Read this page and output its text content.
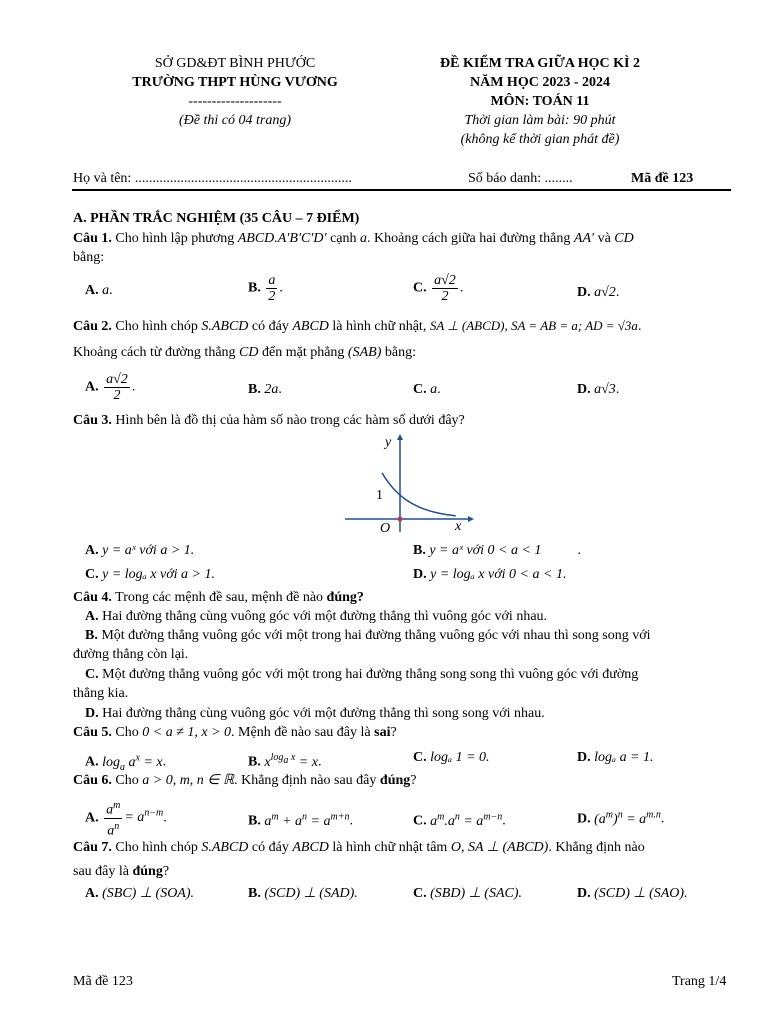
SỞ GD&ĐT BÌNH PHƯỚC
TRƯỜNG THPT HÙNG VƯƠNG
--------------------
(Đề thi có 04 trang)
ĐỀ KIỂM TRA GIỮA HỌC KÌ 2
NĂM HỌC 2023 - 2024
MÔN: TOÁN 11
Thời gian làm bài: 90 phút
(không kể thời gian phát đề)
Họ và tên: ..............................................................	Số báo danh: ........	Mã đề 123
A. PHẦN TRẮC NGHIỆM (35 CÂU – 7 ĐIỂM)
Câu 1. Cho hình lập phương ABCD.A′B′C′D′ cạnh a. Khoảng cách giữa hai đường thẳng AA′ và CD
bằng:
A. a.	B. $\frac{a}{2}$ .	C. $\frac{a√2}{2}$ .	D. a√2.
Câu 2. Cho hình chóp S.ABCD có đáy ABCD là hình chữ nhật, SA ⊥ (ABCD), SA = AB = a; AD = √3a.
Khoảng cách từ đường thẳng CD đến mặt phẳng (SAB) bằng:
A. $\frac{a√2}{2}$ .	B. 2a.	C. a.	D. a√3.
Câu 3. Hình bên là đồ thị của hàm số nào trong các hàm số dưới đây?
y
x
O
1
A. y = aˣ với a > 1.	B. y = aˣ với 0 < a < 1	.
C. y = logₐ x với a > 1.	D. y = logₐ x với 0 < a < 1.
Câu 4. Trong các mệnh đề sau, mệnh đề nào đúng?
A. Hai đường thẳng cùng vuông góc với một đường thẳng thì vuông góc với nhau.
B. Một đường thẳng vuông góc với một trong hai đường thẳng vuông góc với nhau thì song song với
đường thẳng còn lại.
C. Một đường thẳng vuông góc với một trong hai đường thẳng song song thì vuông góc với đường
thẳng kia.
D. Hai đường thẳng cùng vuông góc với một đường thẳng thì song song với nhau.
Câu 5. Cho 0 < a ≠ 1, x > 0. Mệnh đề nào sau đây là sai?
A. $\log_a a^x = x$.	B. $x^{log_a x} = x$.	C. logₐ 1 = 0.	D. logₐ a = 1.
Câu 6. Cho a > 0, m, n ∈ ℝ. Khẳng định nào sau đây đúng?
A. $\frac{a^m}{a^n} = a^{n-m}$.	B. $a^m + a^n = a^{m+n}$.	C. $a^m.a^n = a^{m-n}$.	D. $(a^m)^n = a^{m.n}$.
Câu 7. Cho hình chóp S.ABCD có đáy ABCD là hình chữ nhật tâm O, SA ⊥ (ABCD). Khẳng định nào
sau đây là đúng?
A. (SBC) ⊥ (SOA).	B. (SCD) ⊥ (SAD).	C. (SBD) ⊥ (SAC).	D. (SCD) ⊥ (SAO).
Mã đề 123	Trang 1/4
